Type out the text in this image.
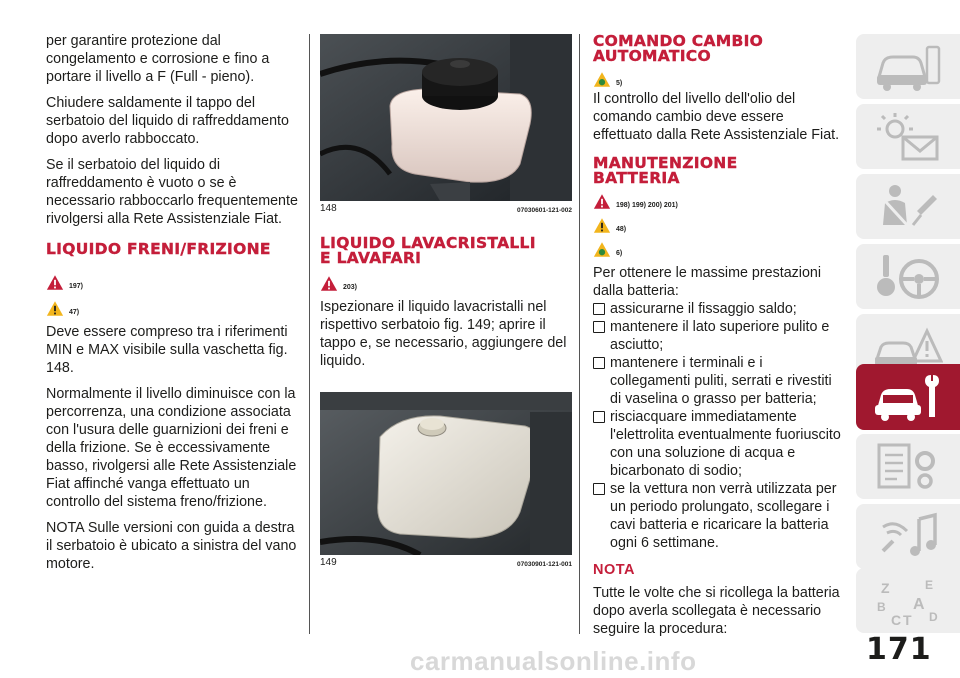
per garantire protezione dal congelamento e corrosione e fino a portare il livello a F (Full - pieno).

Chiudere saldamente il tappo del serbatoio del liquido di raffreddamento dopo averlo rabboccato.

Se il serbatoio del liquido di raffreddamento è vuoto o se è necessario rabboccarlo frequentemente rivolgersi alla Rete Assistenziale Fiat.

LIQUIDO FRENI/FRIZIONE
197)
47)

Deve essere compreso tra i riferimenti MIN e MAX visibile sulla vaschetta fig. 148.

Normalmente il livello diminuisce con la percorrenza, una condizione associata con l'usura delle guarnizioni dei freni e della frizione. Se è eccessivamente basso, rivolgersi alle Rete Assistenziale Fiat affinché vanga effettuato un controllo del sistema freno/frizione.

NOTA Sulle versioni con guida a destra il serbatoio è ubicato a sinistra del vano motore.

148	07030601-121-002
LIQUIDO LAVACRISTALLI
E LAVAFARI
203)

Ispezionare il liquido lavacristalli nel rispettivo serbatoio fig. 149; aprire il tappo e, se necessario, aggiungere del liquido.

149	07030901-121-001
COMANDO CAMBIO
AUTOMATICO
5)

Il controllo del livello dell'olio del comando cambio deve essere effettuato dalla Rete Assistenziale Fiat.

MANUTENZIONE
BATTERIA
198) 199) 200) 201)
48)
6)

Per ottenere le massime prestazioni dalla batteria:

assicurarne il fissaggio saldo;

mantenere il lato superiore pulito e asciutto;

mantenere i terminali e i collegamenti puliti, serrati e rivestiti di vaselina o grasso per batteria;

risciacquare immediatamente l'elettrolita eventualmente fuoriuscito con una soluzione di acqua e bicarbonato di sodio;

se la vettura non verrà utilizzata per un periodo prolungato, scollegare i cavi batteria e ricaricare la batteria ogni 6 settimane.

NOTA

Tutte le volte che si ricollega la batteria dopo averla scollegata è necessario seguire la procedura:

Z	E
B A
C T D
171
carmanualsonline.info
